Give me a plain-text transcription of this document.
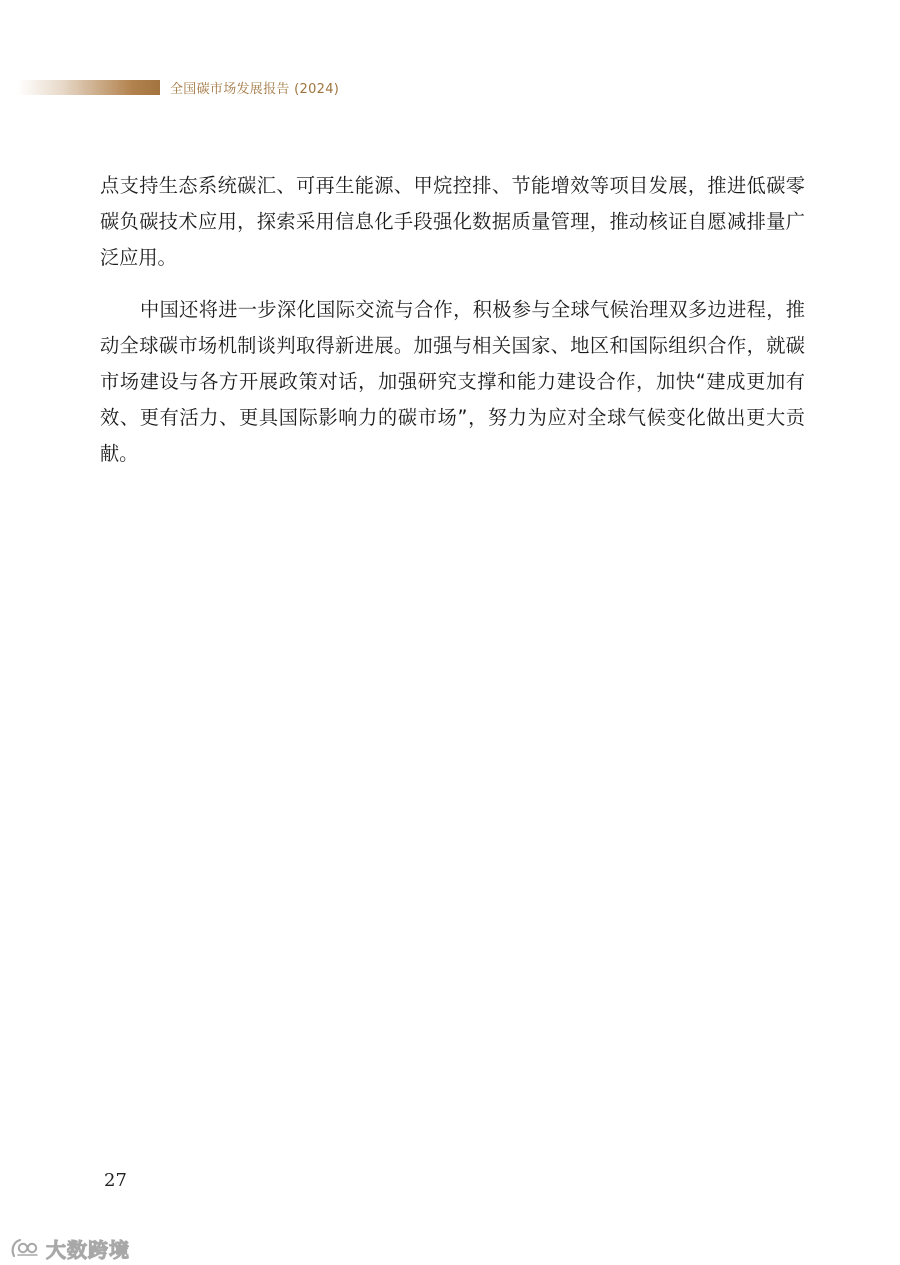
全国碳市场发展报告 (2024)

点支持生态系统碳汇、可再生能源、甲烷控排、节能增效等项目发展，推进低碳零碳负碳技术应用，探索采用信息化手段强化数据质量管理，推动核证自愿减排量广泛应用。

中国还将进一步深化国际交流与合作，积极参与全球气候治理双多边进程，推动全球碳市场机制谈判取得新进展。加强与相关国家、地区和国际组织合作，就碳市场建设与各方开展政策对话，加强研究支撑和能力建设合作，加快“建成更加有效、更有活力、更具国际影响力的碳市场”，努力为应对全球气候变化做出更大贡献。

27
大数跨境
